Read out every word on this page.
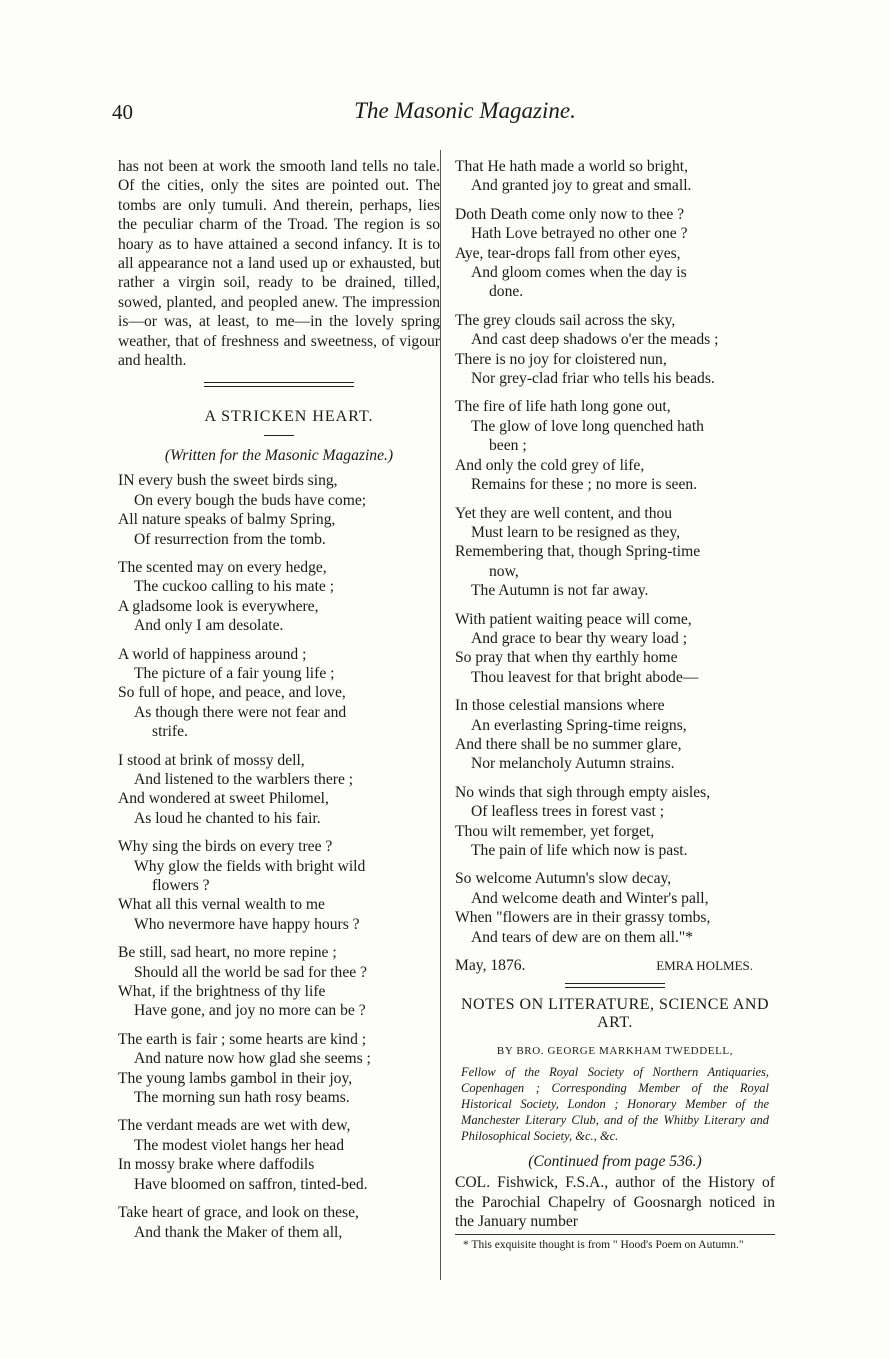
40	The Masonic Magazine.

has not been at work the smooth land tells no tale. Of the cities, only the sites are pointed out. The tombs are only tumuli. And therein, perhaps, lies the peculiar charm of the Troad. The region is so hoary as to have attained a second infancy. It is to all appearance not a land used up or exhausted, but rather a virgin soil, ready to be drained, tilled, sowed, planted, and peopled anew. The impression is—or was, at least, to me—in the lovely spring weather, that of freshness and sweetness, of vigour and health.

A STRICKEN HEART.
(Written for the Masonic Magazine.)
IN every bush the sweet birds sing,
On every bough the buds have come;
All nature speaks of balmy Spring,
Of resurrection from the tomb.
The scented may on every hedge,
The cuckoo calling to his mate ;
A gladsome look is everywhere,
And only I am desolate.
A world of happiness around ;
The picture of a fair young life ;
So full of hope, and peace, and love,
As though there were not fear and
strife.
I stood at brink of mossy dell,
And listened to the warblers there ;
And wondered at sweet Philomel,
As loud he chanted to his fair.
Why sing the birds on every tree ?
Why glow the fields with bright wild
flowers ?
What all this vernal wealth to me
Who nevermore have happy hours ?
Be still, sad heart, no more repine ;
Should all the world be sad for thee ?
What, if the brightness of thy life
Have gone, and joy no more can be ?
The earth is fair ; some hearts are kind ;
And nature now how glad she seems ;
The young lambs gambol in their joy,
The morning sun hath rosy beams.
The verdant meads are wet with dew,
The modest violet hangs her head
In mossy brake where daffodils
Have bloomed on saffron, tinted-bed.
Take heart of grace, and look on these,
And thank the Maker of them all,
That He hath made a world so bright,
And granted joy to great and small.
Doth Death come only now to thee ?
Hath Love betrayed no other one ?
Aye, tear-drops fall from other eyes,
And gloom comes when the day is
done.
The grey clouds sail across the sky,
And cast deep shadows o'er the meads ;
There is no joy for cloistered nun,
Nor grey-clad friar who tells his beads.
The fire of life hath long gone out,
The glow of love long quenched hath
been ;
And only the cold grey of life,
Remains for these ; no more is seen.
Yet they are well content, and thou
Must learn to be resigned as they,
Remembering that, though Spring-time
now,
The Autumn is not far away.
With patient waiting peace will come,
And grace to bear thy weary load ;
So pray that when thy earthly home
Thou leavest for that bright abode—
In those celestial mansions where
An everlasting Spring-time reigns,
And there shall be no summer glare,
Nor melancholy Autumn strains.
No winds that sigh through empty aisles,
Of leafless trees in forest vast ;
Thou wilt remember, yet forget,
The pain of life which now is past.
So welcome Autumn's slow decay,
And welcome death and Winter's pall,
When "flowers are in their grassy tombs,
And tears of dew are on them all."*
May, 1876.	EMRA HOLMES.
NOTES ON LITERATURE, SCIENCE AND ART.
BY BRO. GEORGE MARKHAM TWEDDELL,
Fellow of the Royal Society of Northern Antiquaries, Copenhagen ; Corresponding Member of the Royal Historical Society, London ; Honorary Member of the Manchester Literary Club, and of the Whitby Literary and Philosophical Society, &c., &c.
(Continued from page 536.)
COL. Fishwick, F.S.A., author of the History of the Parochial Chapelry of Goosnargh noticed in the January number
* This exquisite thought is from " Hood's Poem on Autumn."
